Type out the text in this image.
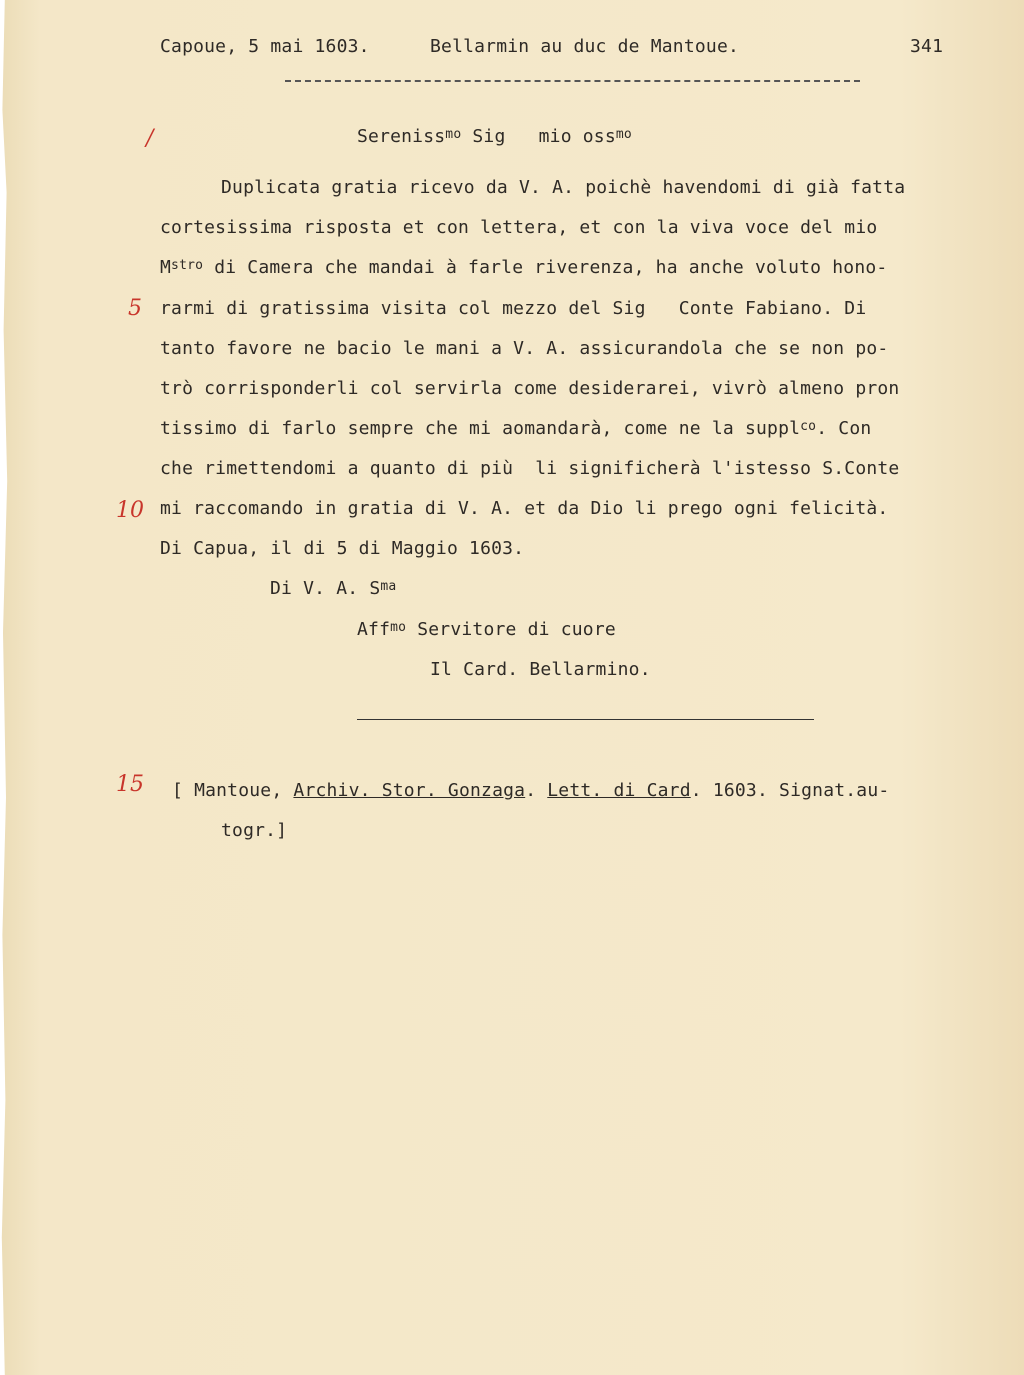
Capoue, 5 mai 1603.	Bellarmin au duc de Mantoue.	341
/
5
10
15
Sereniss$^{mo}$ Sig   mio oss$^{mo}$
Duplicata gratia ricevo da V. A. poichè havendomi di già fatta
cortesissima risposta et con lettera, et con la viva voce del mio
$M^{stro}$ di Camera che mandai à farle riverenza, ha anche voluto hono-
rarmi di gratissima visita col mezzo del Sig   Conte Fabiano. Di
tanto favore ne bacio le mani a V. A. assicurandola che se non po-
trò corrisponderli col servirla come desiderarei, vivrò almeno pron
tissimo di farlo sempre che mi aomandarà, come ne la suppl$^{co}$. Con
che rimettendomi a quanto di più  li significherà l'istesso S.Conte
mi raccomando in gratia di V. A. et da Dio li prego ogni felicità.
Di Capua, il di 5 di Maggio 1603.
Di V. A. $S^{ma}$
Aff$^{mo}$ Servitore di cuore
Il Card. Bellarmino.
[ Mantoue, Archiv. Stor. Gonzaga. Lett. di Card. 1603. Signat.au-
togr.]
